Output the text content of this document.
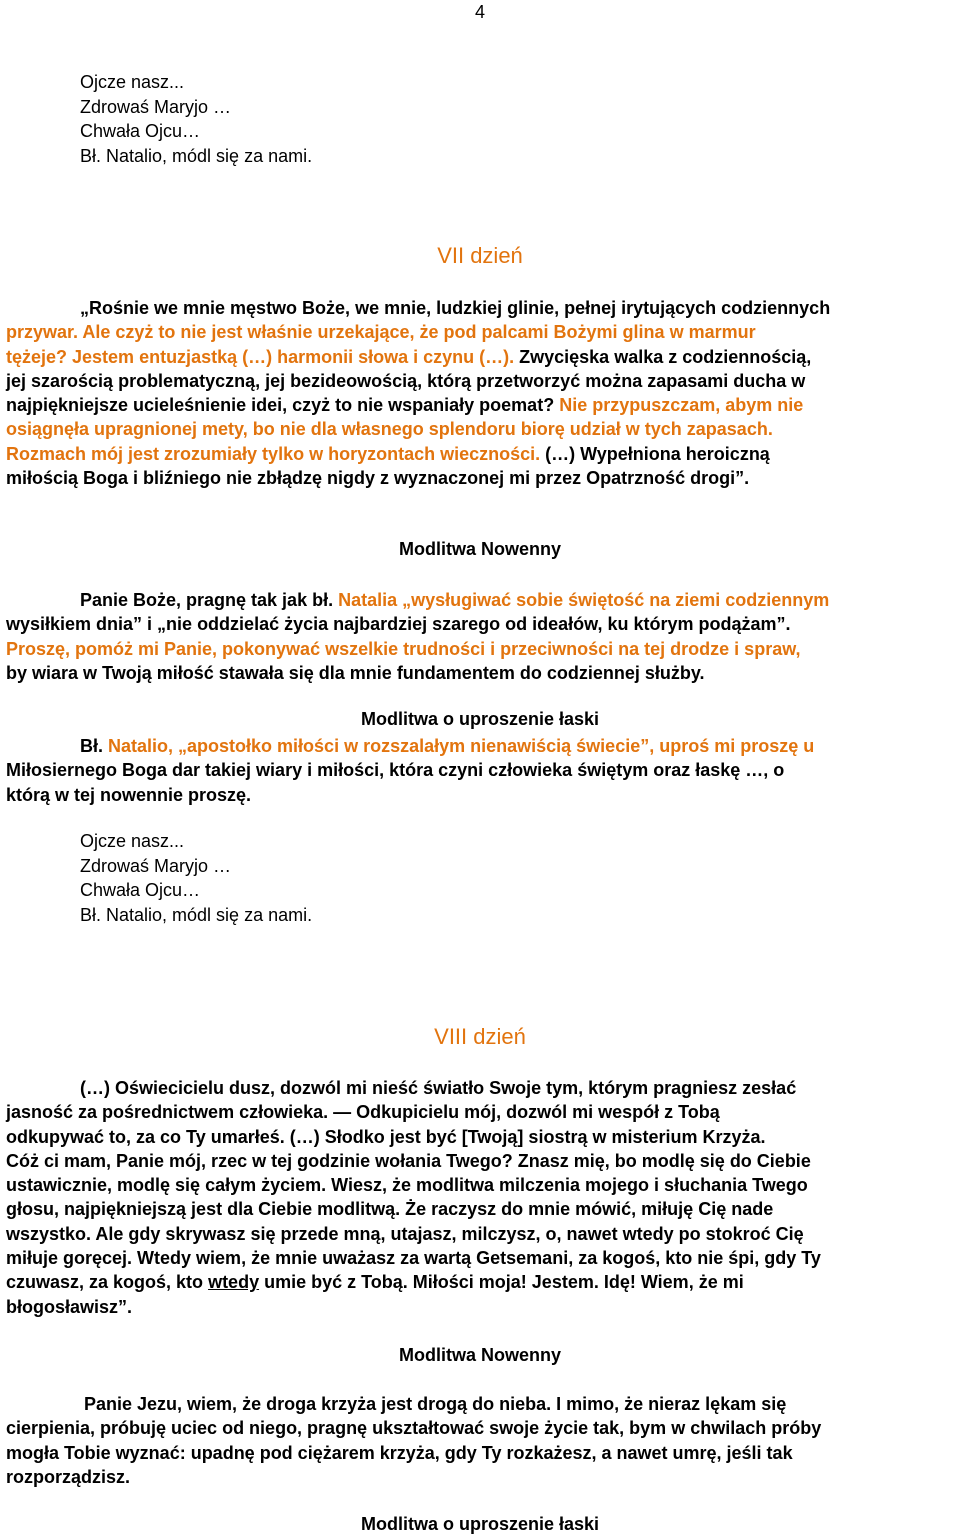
4
Ojcze nasz...
Zdrowaś Maryjo …
Chwała Ojcu…
Bł. Natalio, módl się za nami.
VII dzień
„Rośnie we mnie męstwo Boże, we mnie, ludzkiej glinie, pełnej irytujących codziennych
przywar. Ale czyż to nie jest właśnie urzekające, że pod palcami Bożymi glina w marmur
tężeje? Jestem entuzjastką (…) harmonii słowa i czynu (…). Zwycięska walka z codziennością,
jej szarością problematyczną, jej bezideowością, którą przetworzyć można zapasami ducha w
najpiękniejsze ucieleśnienie idei, czyż to nie wspaniały poemat? Nie przypuszczam, abym nie
osiągnęła upragnionej mety, bo nie dla własnego splendoru biorę udział w tych zapasach.
Rozmach mój jest zrozumiały tylko w horyzontach wieczności. (…) Wypełniona heroiczną
miłością Boga i bliźniego nie zbłądzę nigdy z wyznaczonej mi przez Opatrzność drogi”.
Modlitwa Nowenny
Panie Boże, pragnę tak jak bł. Natalia „wysługiwać sobie świętość na ziemi codziennym
wysiłkiem dnia” i „nie oddzielać życia najbardziej szarego od ideałów, ku którym podążam”.
Proszę, pomóż mi Panie, pokonywać wszelkie trudności i przeciwności na tej drodze i spraw,
by wiara w Twoją miłość stawała się dla mnie fundamentem do codziennej służby.
Modlitwa o uproszenie łaski
Bł. Natalio, „apostołko miłości w rozszalałym nienawiścią świecie”, uproś mi proszę u
Miłosiernego Boga dar takiej wiary i miłości, która czyni człowieka świętym oraz łaskę …, o
którą w tej nowennie proszę.
Ojcze nasz...
Zdrowaś Maryjo …
Chwała Ojcu…
Bł. Natalio, módl się za nami.
VIII dzień
(…) Oświecicielu dusz, dozwól mi nieść światło Swoje tym, którym pragniesz zesłać
jasność za pośrednictwem człowieka. — Odkupicielu mój, dozwól mi wespół z Tobą
odkupywać to, za co Ty umarłeś. (…) Słodko jest być [Twoją] siostrą w misterium Krzyża.
Cóż ci mam, Panie mój, rzec w tej godzinie wołania Twego? Znasz mię, bo modlę się do Ciebie
ustawicznie, modlę się całym życiem. Wiesz, że modlitwa milczenia mojego i słuchania Twego
głosu, najpiękniejszą jest dla Ciebie modlitwą. Że raczysz do mnie mówić, miłuję Cię nade
wszystko. Ale gdy skrywasz się przede mną, utajasz, milczysz, o, nawet wtedy po stokroć Cię
miłuje goręcej. Wtedy wiem, że mnie uważasz za wartą Getsemani, za kogoś, kto nie śpi, gdy Ty
czuwasz, za kogoś, kto wtedy umie być z Tobą. Miłości moja! Jestem. Idę! Wiem, że mi
błogosławisz”.
Modlitwa Nowenny
Panie Jezu, wiem, że droga krzyża jest drogą do nieba. I mimo, że nieraz lękam się
cierpienia, próbuję uciec od niego, pragnę ukształtować swoje życie tak, bym w chwilach próby
mogła Tobie wyznać: upadnę pod ciężarem krzyża, gdy Ty rozkażesz, a nawet umrę, jeśli tak
rozporządzisz.
Modlitwa o uproszenie łaski
